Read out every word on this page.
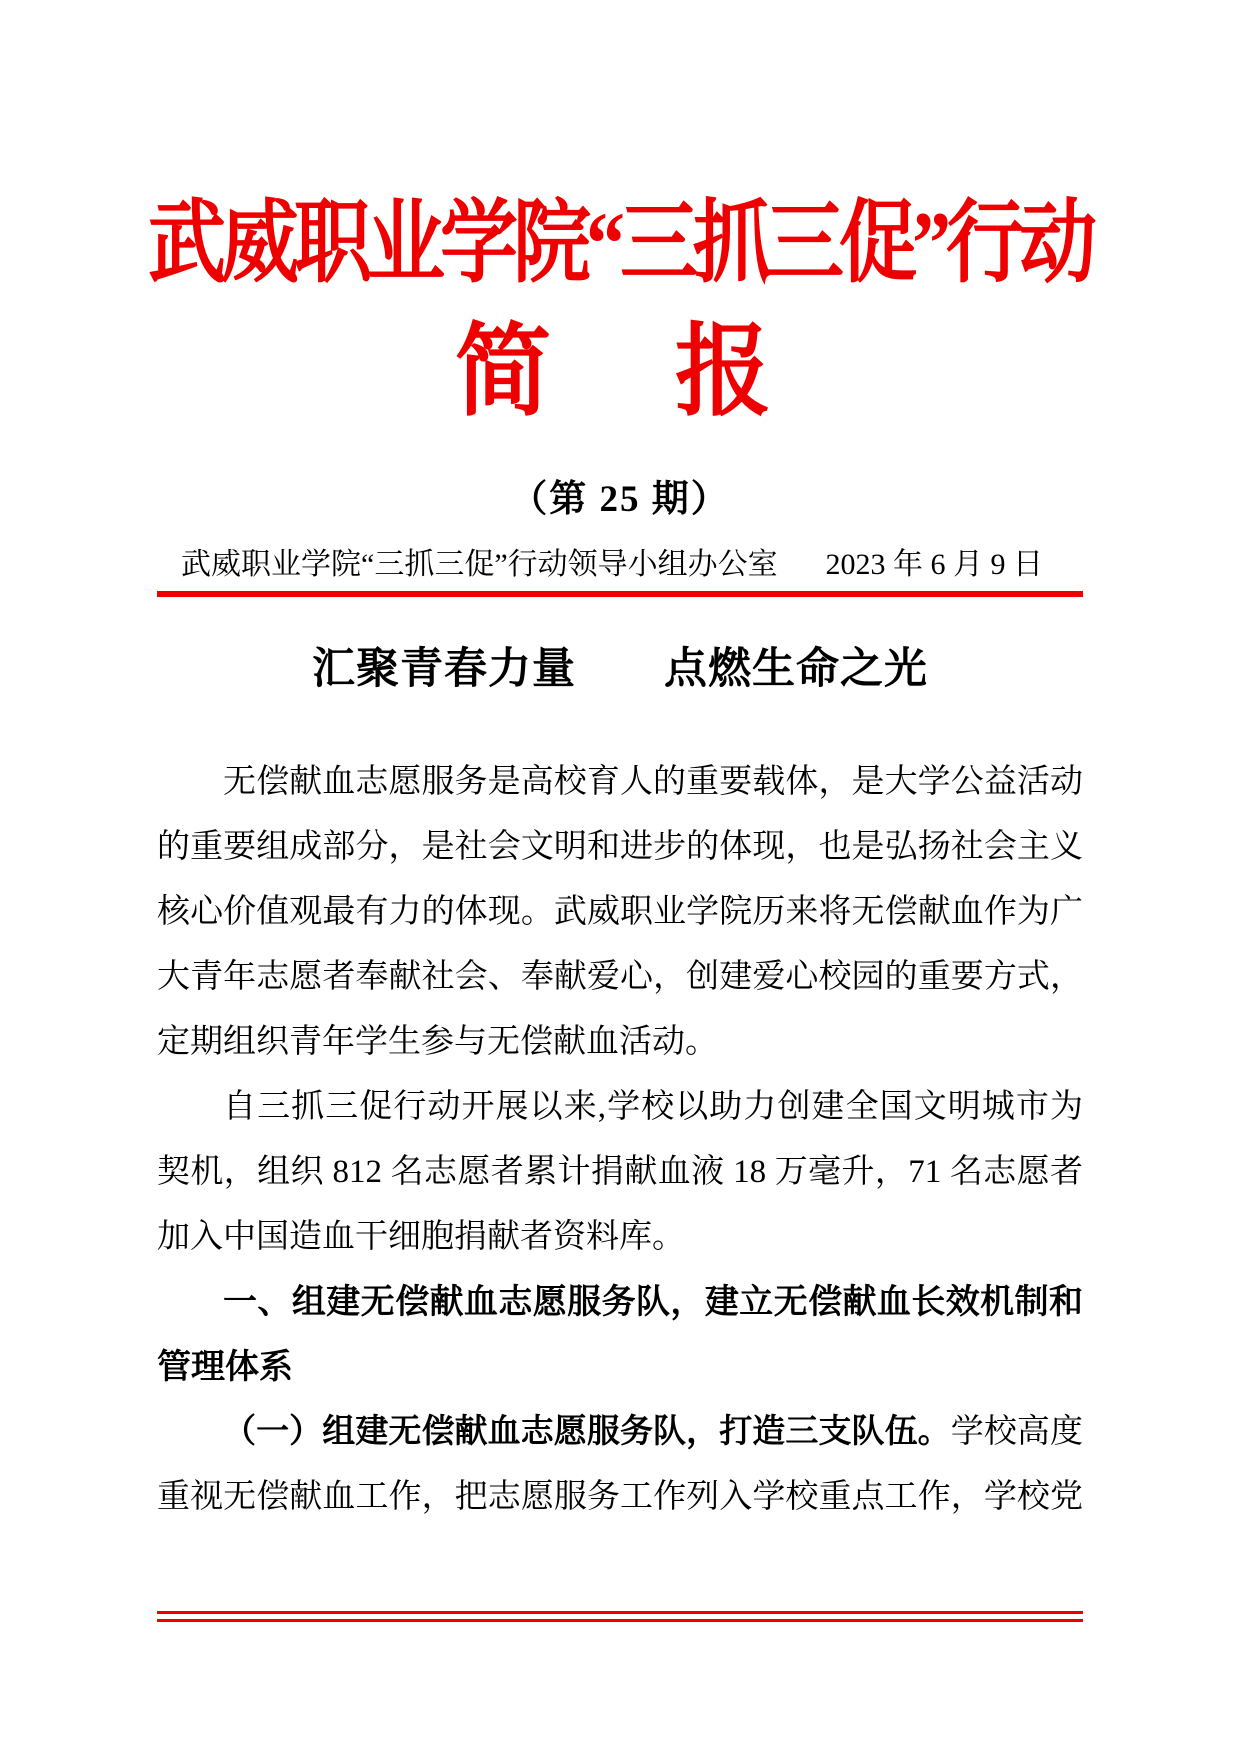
武威职业学院“三抓三促”行动
简　报
（第 25 期）
武威职业学院“三抓三促”行动领导小组办公室 2023 年 6 月 9 日
汇聚青春力量　　点燃生命之光
无偿献血志愿服务是高校育人的重要载体，是大学公益活动
的重要组成部分，是社会文明和进步的体现，也是弘扬社会主义
核心价值观最有力的体现。武威职业学院历来将无偿献血作为广
大青年志愿者奉献社会、奉献爱心，创建爱心校园的重要方式，
定期组织青年学生参与无偿献血活动。
自三抓三促行动开展以来,学校以助力创建全国文明城市为
契机，组织 812 名志愿者累计捐献血液 18 万毫升，71 名志愿者
加入中国造血干细胞捐献者资料库。
一、组建无偿献血志愿服务队，建立无偿献血长效机制和
管理体系
（一）组建无偿献血志愿服务队，打造三支队伍。学校高度
重视无偿献血工作，把志愿服务工作列入学校重点工作，学校党
